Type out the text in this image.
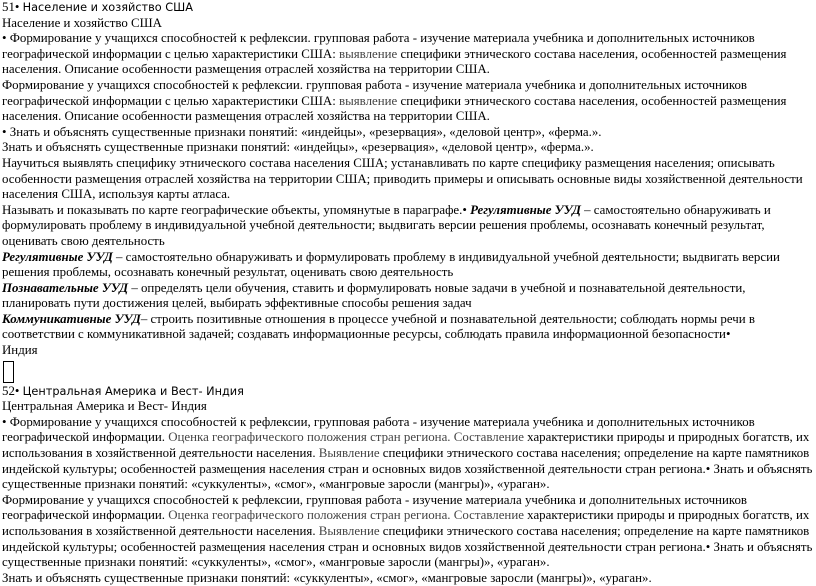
51• Население и хозяйство США

Население и хозяйство США

• Формирование у учащихся способностей к рефлексии. групповая работа - изучение материала учебника и дополнительных источников географической информации с целью характеристики США: выявление специфики этнического состава населения, особенностей размещения населения. Описание особенности размещения отраслей хозяйства на территории США.

Формирование у учащихся способностей к рефлексии. групповая работа - изучение материала учебника и дополнительных источников географической информации с целью характеристики США: выявление специфики этнического состава населения, особенностей размещения населения. Описание особенности размещения отраслей хозяйства на территории США.

• Знать и объяснять существенные признаки понятий: «индейцы», «резервация», «деловой центр», «ферма.».

Знать и объяснять существенные признаки понятий: «индейцы», «резервация», «деловой центр», «ферма.».

Научиться выявлять специфику этнического состава населения США; устанавливать по карте специфику размещения населения; описывать особенности размещения отраслей хозяйства на территории США; приводить примеры и описывать основные виды хозяйственной деятельности населения США, используя карты атласа.

Называть и показывать по карте географические объекты, упомянутые в параграфе.• Регулятивные УУД – самостоятельно обнаруживать и формулировать проблему в индивидуальной учебной деятельности; выдвигать версии решения проблемы, осознавать конечный результат, оценивать свою деятельность

Регулятивные УУД – самостоятельно обнаруживать и формулировать проблему в индивидуальной учебной деятельности; выдвигать версии решения проблемы, осознавать конечный результат, оценивать свою деятельность

Познавательные УУД – определять цели обучения, ставить и формулировать новые задачи в учебной и познавательной деятельности, планировать пути достижения целей, выбирать эффективные способы решения задач

Коммуникативные УУД– строить позитивные отношения в процессе учебной и познавательной деятельности; соблюдать нормы речи в соответствии с коммуникативной задачей; создавать информационные ресурсы, соблюдать правила информационной безопасности•

Индия

52• Центральная Америка и Вест- Индия

Центральная Америка и Вест- Индия

• Формирование у учащихся способностей к рефлексии, групповая работа - изучение материала учебника и дополнительных источников географической информации. Оценка географического положения стран региона. Составление характеристики природы и природных богатств, их использования в хозяйственной деятельности населения. Выявление специфики этнического состава населения; определение на карте памятников индейской культуры; особенностей размещения населения стран и основных видов хозяйственной деятельности стран региона.• Знать и объяснять существенные признаки понятий: «суккуленты», «смог», «мангровые заросли (мангры)», «ураган».

Формирование у учащихся способностей к рефлексии, групповая работа - изучение материала учебника и дополнительных источников географической информации. Оценка географического положения стран региона. Составление характеристики природы и природных богатств, их использования в хозяйственной деятельности населения. Выявление специфики этнического состава населения; определение на карте памятников индейской культуры; особенностей размещения населения стран и основных видов хозяйственной деятельности стран региона.• Знать и объяснять существенные признаки понятий: «суккуленты», «смог», «мангровые заросли (мангры)», «ураган».

Знать и объяснять существенные признаки понятий: «суккуленты», «смог», «мангровые заросли (мангры)», «ураган».
